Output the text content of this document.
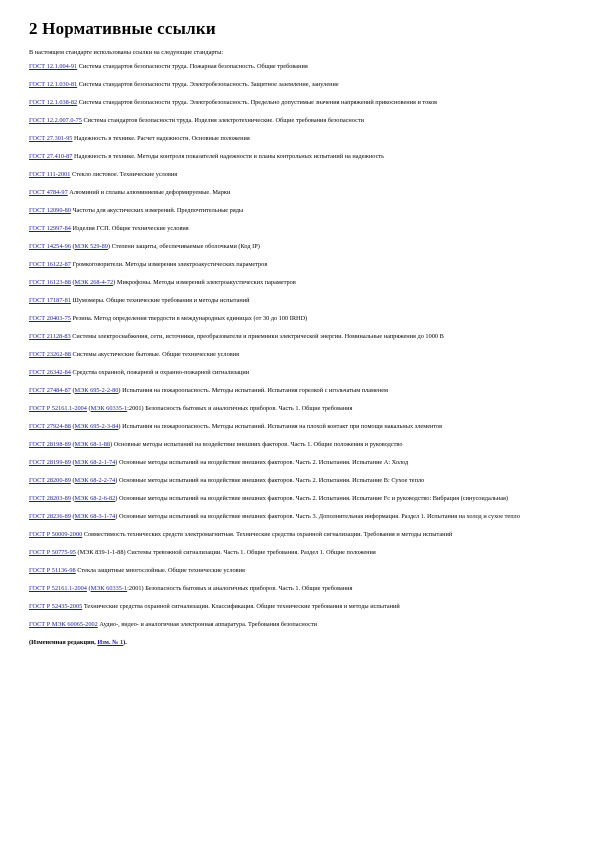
2 Нормативные ссылки

В настоящем стандарте использованы ссылки на следующие стандарты:

ГОСТ 12.1.004-91 Система стандартов безопасности труда. Пожарная безопасность. Общие требования

ГОСТ 12.1.030-81 Система стандартов безопасности труда. Электробезопасность. Защитное заземление, зануление

ГОСТ 12.1.038-82 Система стандартов безопасности труда. Электробезопасность. Предельно допустимые значения напряжений прикосновения и токов

ГОСТ 12.2.007.0-75 Система стандартов безопасности труда. Изделия электротехнические. Общие требования безопасности

ГОСТ 27.301-95 Надежность в технике. Расчет надежности. Основные положения

ГОСТ 27.410-87 Надежность в технике. Методы контроля показателей надежности и планы контрольных испытаний на надежность

ГОСТ 111-2001 Стекло листовое. Технические условия

ГОСТ 4784-97 Алюминий и сплавы алюминиевые деформируемые. Марки

ГОСТ 12090-80 Частоты для акустических измерений. Предпочтительные ряды

ГОСТ 12997-84 Изделия ГСП. Общие технические условия

ГОСТ 14254-96 (МЭК 529-89) Степени защиты, обеспечиваемые оболочками (Код IP)

ГОСТ 16122-87 Громкоговорители. Методы измерения электроакустических параметров

ГОСТ 16123-88 (МЭК 268-4-72) Микрофоны. Методы измерений электроакустических параметров

ГОСТ 17187-81 Шумомеры. Общие технические требования и методы испытаний

ГОСТ 20403-75 Резина. Метод определения твердости в международных единицах (от 30 до 100 IRHD)

ГОСТ 21128-83 Системы электроснабжения, сети, источники, преобразователи и приемники электрической энергии. Номинальные напряжения до 1000 В

ГОСТ 23262-88 Системы акустические бытовые. Общие технические условия

ГОСТ 26342-84 Средства охранной, пожарной и охранно-пожарной сигнализации

ГОСТ 27484-87 (МЭК 695-2-2-80) Испытания на пожароопасность. Методы испытаний. Испытания горелкой с игольчатым пламенем

ГОСТ Р 52161.1-2004 (МЭК 60335-1:2001) Безопасность бытовых и аналогичных приборов. Часть 1. Общие требования

ГОСТ 27924-88 (МЭК 695-2-3-84) Испытания на пожароопасность. Методы испытаний. Испытания на плохой контакт при помощи накальных элементов

ГОСТ 28198-89 (МЭК 68-1-88) Основные методы испытаний на воздействие внешних факторов. Часть 1. Общие положения и руководство

ГОСТ 28199-89 (МЭК 68-2-1-74) Основные методы испытаний на воздействие внешних факторов. Часть 2. Испытания. Испытание А: Холод

ГОСТ 28200-89 (МЭК 68-2-2-74) Основные методы испытаний на воздействие внешних факторов. Часть 2. Испытания. Испытание В: Сухое тепло

ГОСТ 28203-89 (МЭК 68-2-6-82) Основные методы испытаний на воздействие внешних факторов. Часть 2. Испытания. Испытание Fc и руководство: Вибрация (синусоидальная)

ГОСТ 28236-89 (МЭК 68-3-1-74) Основные методы испытаний на воздействие внешних факторов. Часть 3. Дополнительная информация. Раздел 1. Испытания на холод и сухое тепло

ГОСТ Р 50009-2000 Совместимость технических средств электромагнитная. Технические средства охранной сигнализации. Требования и методы испытаний

ГОСТ Р 50775-95 (МЭК 839-1-1-88) Системы тревожной сигнализации. Часть 1. Общие требования. Раздел 1. Общие положения

ГОСТ Р 51136-98 Стекла защитные многослойные. Общие технические условия

ГОСТ Р 52161.1-2004 (МЭК 60335-1:2001) Безопасность бытовых и аналогичных приборов. Часть 1. Общие требования

ГОСТ Р 52435-2005 Технические средства охранной сигнализации. Классификация. Общие технические требования и методы испытаний

ГОСТ Р МЭК 60065-2002 Аудио-, видео- и аналогичная электронная аппаратура. Требования безопасности

(Измененная редакция, Изм. № 1).
